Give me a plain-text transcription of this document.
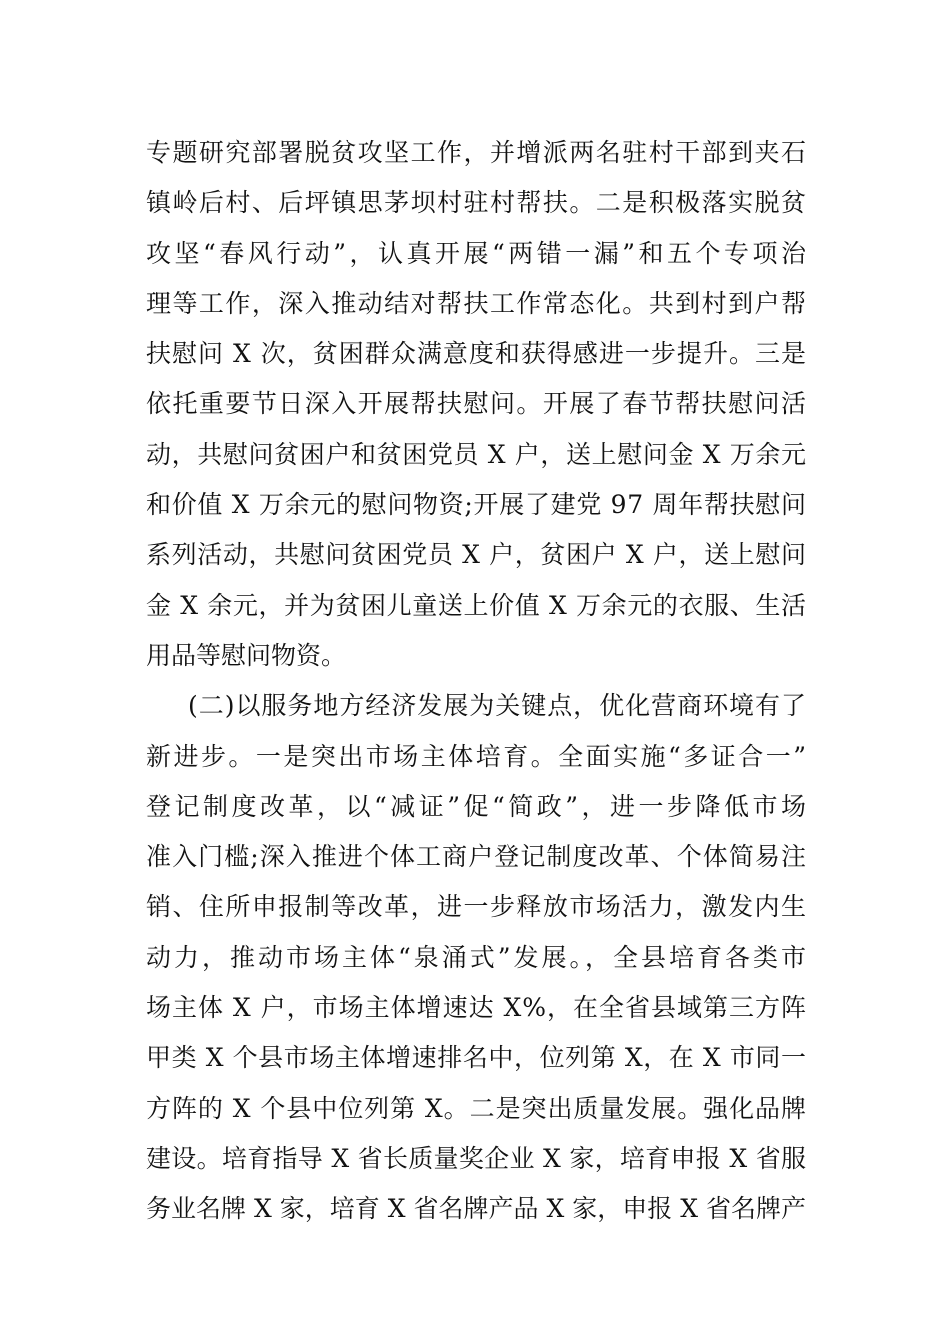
专题研究部署脱贫攻坚工作，并增派两名驻村干部到夹石
镇岭后村、后坪镇思茅坝村驻村帮扶。二是积极落实脱贫
攻坚“春风行动”，认真开展“两错一漏”和五个专项治
理等工作，深入推动结对帮扶工作常态化。共到村到户帮
扶慰问 X 次，贫困群众满意度和获得感进一步提升。三是
依托重要节日深入开展帮扶慰问。开展了春节帮扶慰问活
动，共慰问贫困户和贫困党员 X 户，送上慰问金 X 万余元
和价值 X 万余元的慰问物资;开展了建党 97 周年帮扶慰问
系列活动，共慰问贫困党员 X 户，贫困户 X 户，送上慰问
金 X 余元，并为贫困儿童送上价值 X 万余元的衣服、生活
用品等慰问物资。
(二)以服务地方经济发展为关键点，优化营商环境有了
新进步。一是突出市场主体培育。全面实施“多证合一”
登记制度改革，以“减证”促“简政”，进一步降低市场
准入门槛;深入推进个体工商户登记制度改革、个体简易注
销、住所申报制等改革，进一步释放市场活力，激发内生
动力，推动市场主体“泉涌式”发展。，全县培育各类市
场主体 X 户，市场主体增速达 X%，在全省县域第三方阵
甲类 X 个县市场主体增速排名中，位列第 X，在 X 市同一
方阵的 X 个县中位列第 X。二是突出质量发展。强化品牌
建设。培育指导 X 省长质量奖企业 X 家，培育申报 X 省服
务业名牌 X 家，培育 X 省名牌产品 X 家，申报 X 省名牌产
